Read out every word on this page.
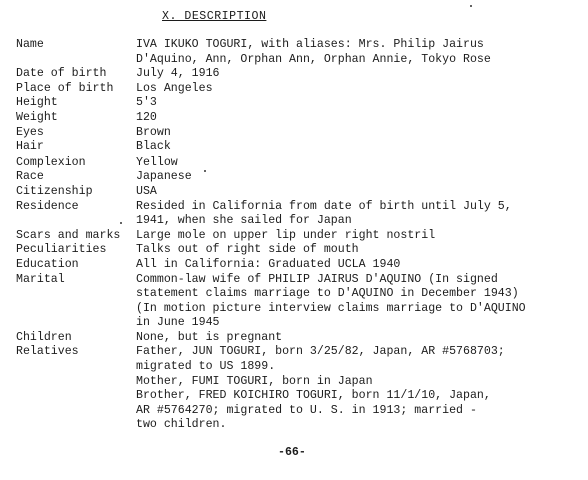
X. DESCRIPTION
Name	IVA IKUKO TOGURI, with aliases: Mrs. Philip Jairus
D'Aquino, Ann, Orphan Ann, Orphan Annie, Tokyo Rose
Date of birth	July 4, 1916
Place of birth	Los Angeles
Height	5'3
Weight	120
Eyes	Brown
Hair	Black
Complexion	Yellow
Race	Japanese
Citizenship	USA
Residence	Resided in California from date of birth until July 5,
1941, when she sailed for Japan
Scars and marks	Large mole on upper lip under right nostril
Peculiarities	Talks out of right side of mouth
Education	All in California: Graduated UCLA 1940
Marital	Common-law wife of PHILIP JAIRUS D'AQUINO (In signed
statement claims marriage to D'AQUINO in December 1943)
(In motion picture interview claims marriage to D'AQUINO
in June 1945
Children	None, but is pregnant
Relatives	Father, JUN TOGURI, born 3/25/82, Japan, AR #5768703;
migrated to US 1899.
Mother, FUMI TOGURI, born in Japan
Brother, FRED KOICHIRO TOGURI, born 11/1/10, Japan,
AR #5764270; migrated to U. S. in 1913; married -
two children.
-66-
